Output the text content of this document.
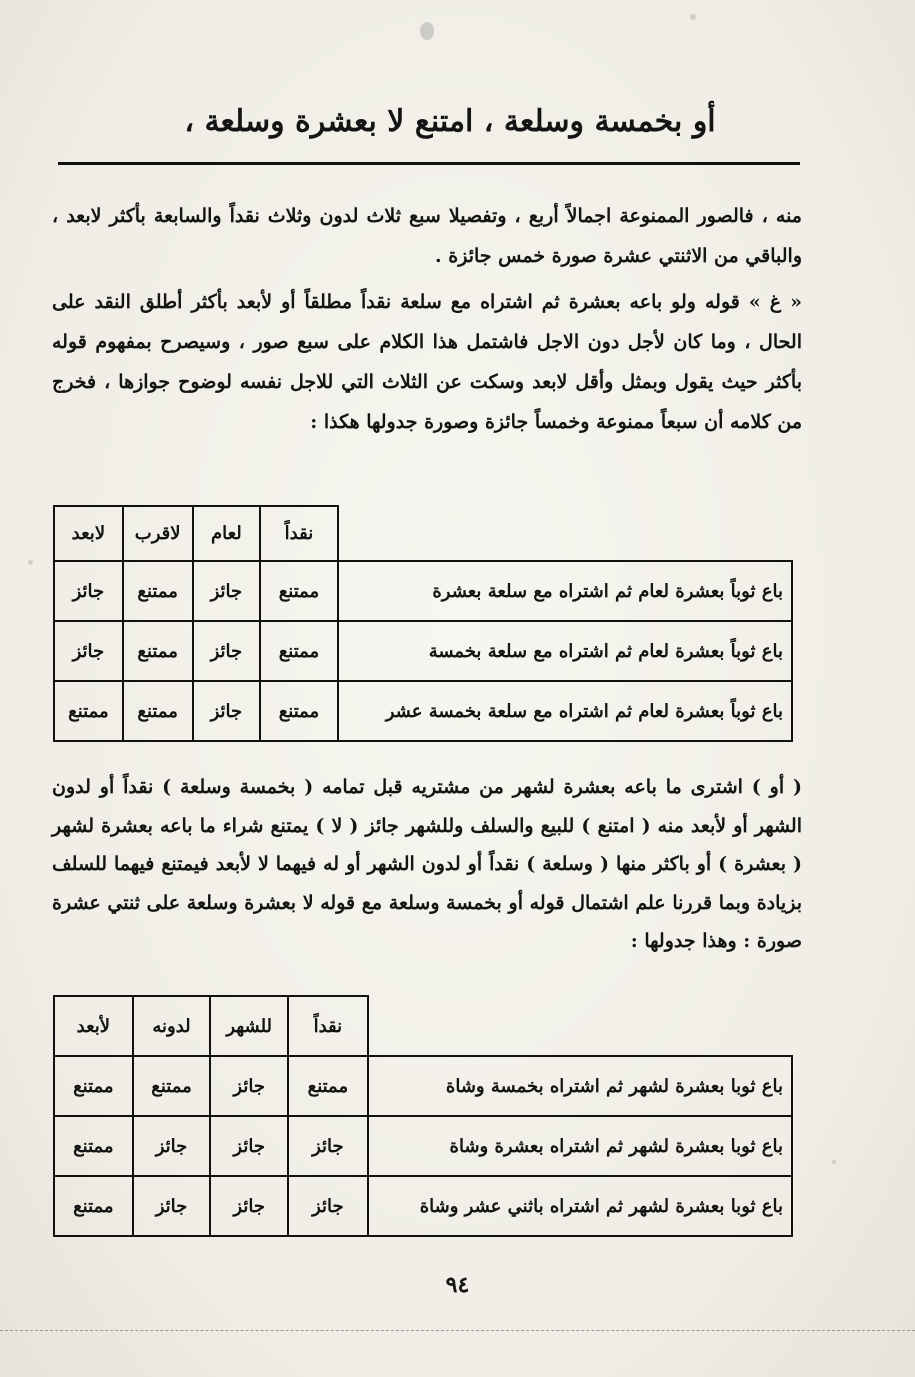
أو بخمسة وسلعة ، امتنع لا بعشرة وسلعة ،
منه ، فالصور الممنوعة اجمالاً أربع ، وتفصيلا سبع ثلاث لدون وثلاث نقداً والسابعة بأكثر لابعد ، والباقي من الاثنتي عشرة صورة خمس جائزة .
« غ » قوله ولو باعه بعشرة ثم اشتراه مع سلعة نقداً مطلقاً أو لأبعد بأكثر أطلق النقد على الحال ، وما كان لأجل دون الاجل فاشتمل هذا الكلام على سبع صور ، وسيصرح بمفهوم قوله بأكثر حيث يقول وبمثل وأقل لابعد وسكت عن الثلاث التي للاجل نفسه لوضوح جوازها ، فخرج من كلامه أن سبعاً ممنوعة وخمساً جائزة وصورة جدولها هكذا :
	نقداً	لعام	لاقرب	لابعد
باع ثوباً بعشرة لعام ثم اشتراه مع سلعة بعشرة	ممتنع	جائز	ممتنع	جائز
باع ثوباً بعشرة لعام ثم اشتراه مع سلعة بخمسة	ممتنع	جائز	ممتنع	جائز
باع ثوباً بعشرة لعام ثم اشتراه مع سلعة بخمسة عشر	ممتنع	جائز	ممتنع	ممتنع
( أو ) اشترى ما باعه بعشرة لشهر من مشتريه قبل تمامه ( بخمسة وسلعة ) نقداً أو لدون الشهر أو لأبعد منه ( امتنع ) للبيع والسلف وللشهر جائز ( لا ) يمتنع شراء ما باعه بعشرة لشهر ( بعشرة ) أو باكثر منها ( وسلعة ) نقداً أو لدون الشهر أو له فيهما لا لأبعد فيمتنع فيهما للسلف بزيادة وبما قررنا علم اشتمال قوله أو بخمسة وسلعة مع قوله لا بعشرة وسلعة على ثنتي عشرة صورة : وهذا جدولها :
	نقداً	للشهر	لدونه	لأبعد
باع ثوبا بعشرة لشهر ثم اشتراه بخمسة وشاة	ممتنع	جائز	ممتنع	ممتنع
باع ثوبا بعشرة لشهر ثم اشتراه بعشرة وشاة	جائز	جائز	جائز	ممتنع
باع ثوبا بعشرة لشهر ثم اشتراه باثني عشر وشاة	جائز	جائز	جائز	ممتنع
٩٤
